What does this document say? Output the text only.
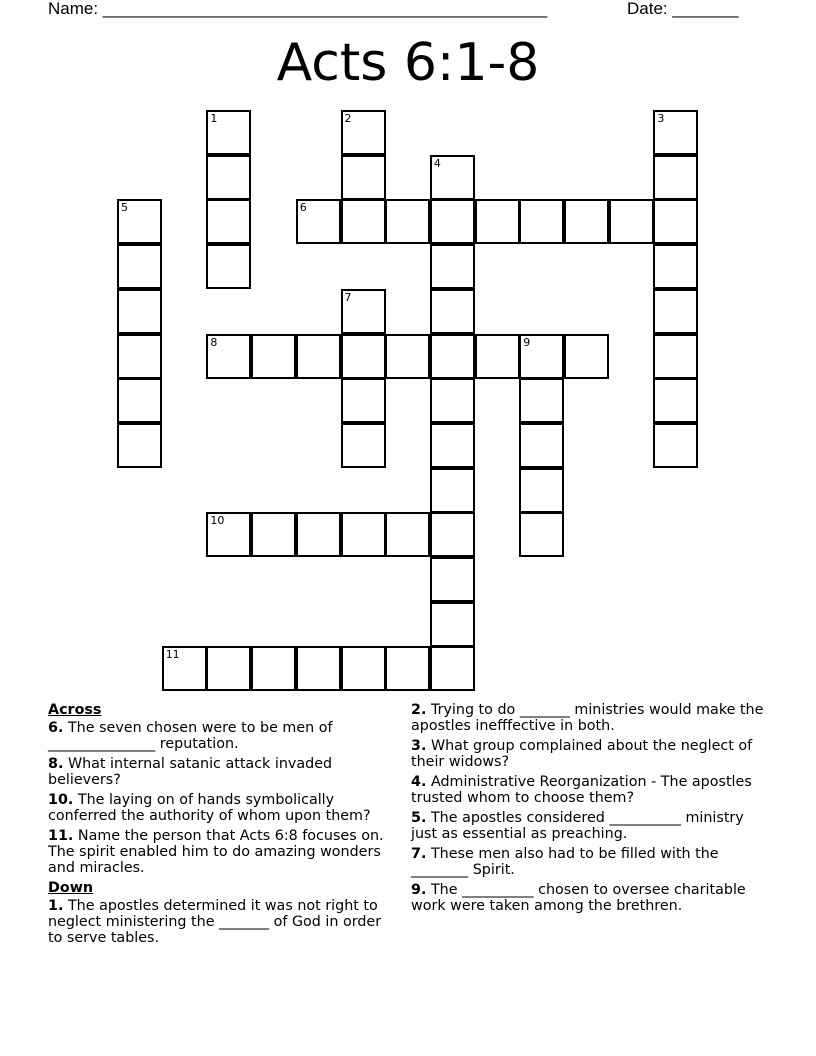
Name: _______________________________________________	Date: _______
Acts 6:1-8
1	2	3
4
5	6
7
8	9
10
11
Across
6. The seven chosen were to be men of _______________ reputation.
8. What internal satanic attack invaded believers?
10. The laying on of hands symbolically conferred the authority of whom upon them?
11. Name the person that Acts 6:8 focuses on. The spirit enabled him to do amazing wonders and miracles.
Down
1. The apostles determined it was not right to neglect ministering the _______ of God in order to serve tables.
2. Trying to do _______ ministries would make the apostles inefffective in both.
3. What group complained about the neglect of their widows?
4. Administrative Reorganization - The apostles trusted whom to choose them?
5. The apostles considered __________ ministry just as essential as preaching.
7. These men also had to be filled with the ________ Spirit.
9. The __________ chosen to oversee charitable work were taken among the brethren.
